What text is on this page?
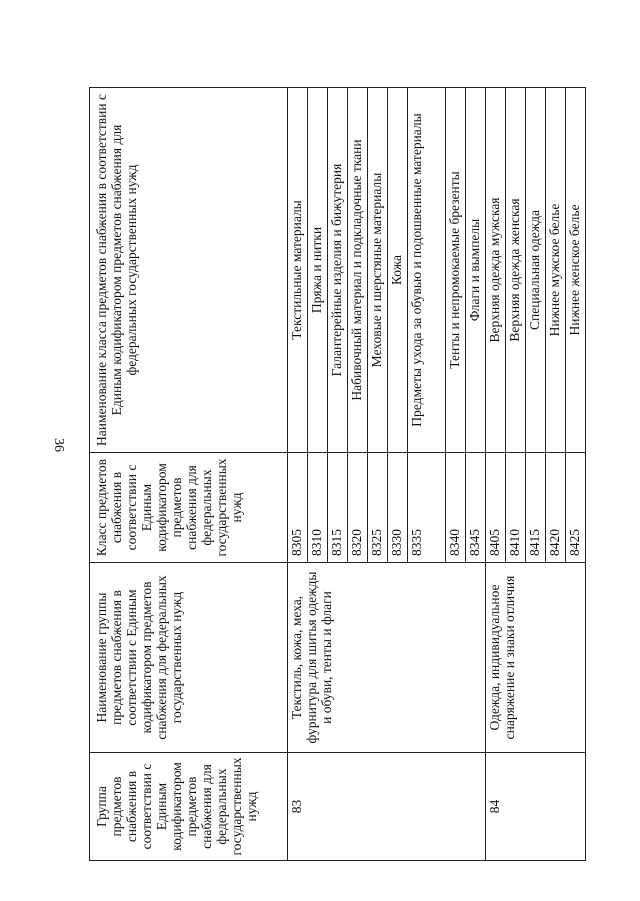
36
Группа предметов снабжения в соответствии с Единым кодификатором предметов снабжения для федеральных государственных нужд	Наименование группы предметов снабжения в соответствии с Единым кодификатором предметов снабжения для федеральных государственных нужд	Класс предметов снабжения в соответствии с Единым кодификатором предметов снабжения для федеральных государственных нужд	Наименование класса предметов снабжения в соответствии с Единым кодификатором предметов снабжения для федеральных государственных нужд
83	Текстиль, кожа, меха, фурнитура для шитья одежды и обуви, тенты и флаги	8305	Текстильные материалы
		8310	Пряжа и нитки
		8315	Галантерейные изделия и бижутерия
		8320	Набивочный материал и подкладочные ткани
		8325	Меховые и шерстяные материалы
		8330	Кожа
		8335	Предметы ухода за обувью и подошвенные материалы
		8340	Тенты и непромокаемые брезенты
		8345	Флаги и вымпелы
84	Одежда, индивидуальное снаряжение и знаки отличия	8405	Верхняя одежда мужская
		8410	Верхняя одежда женская
		8415	Специальная одежда
		8420	Нижнее мужское белье
		8425	Нижнее женское белье
